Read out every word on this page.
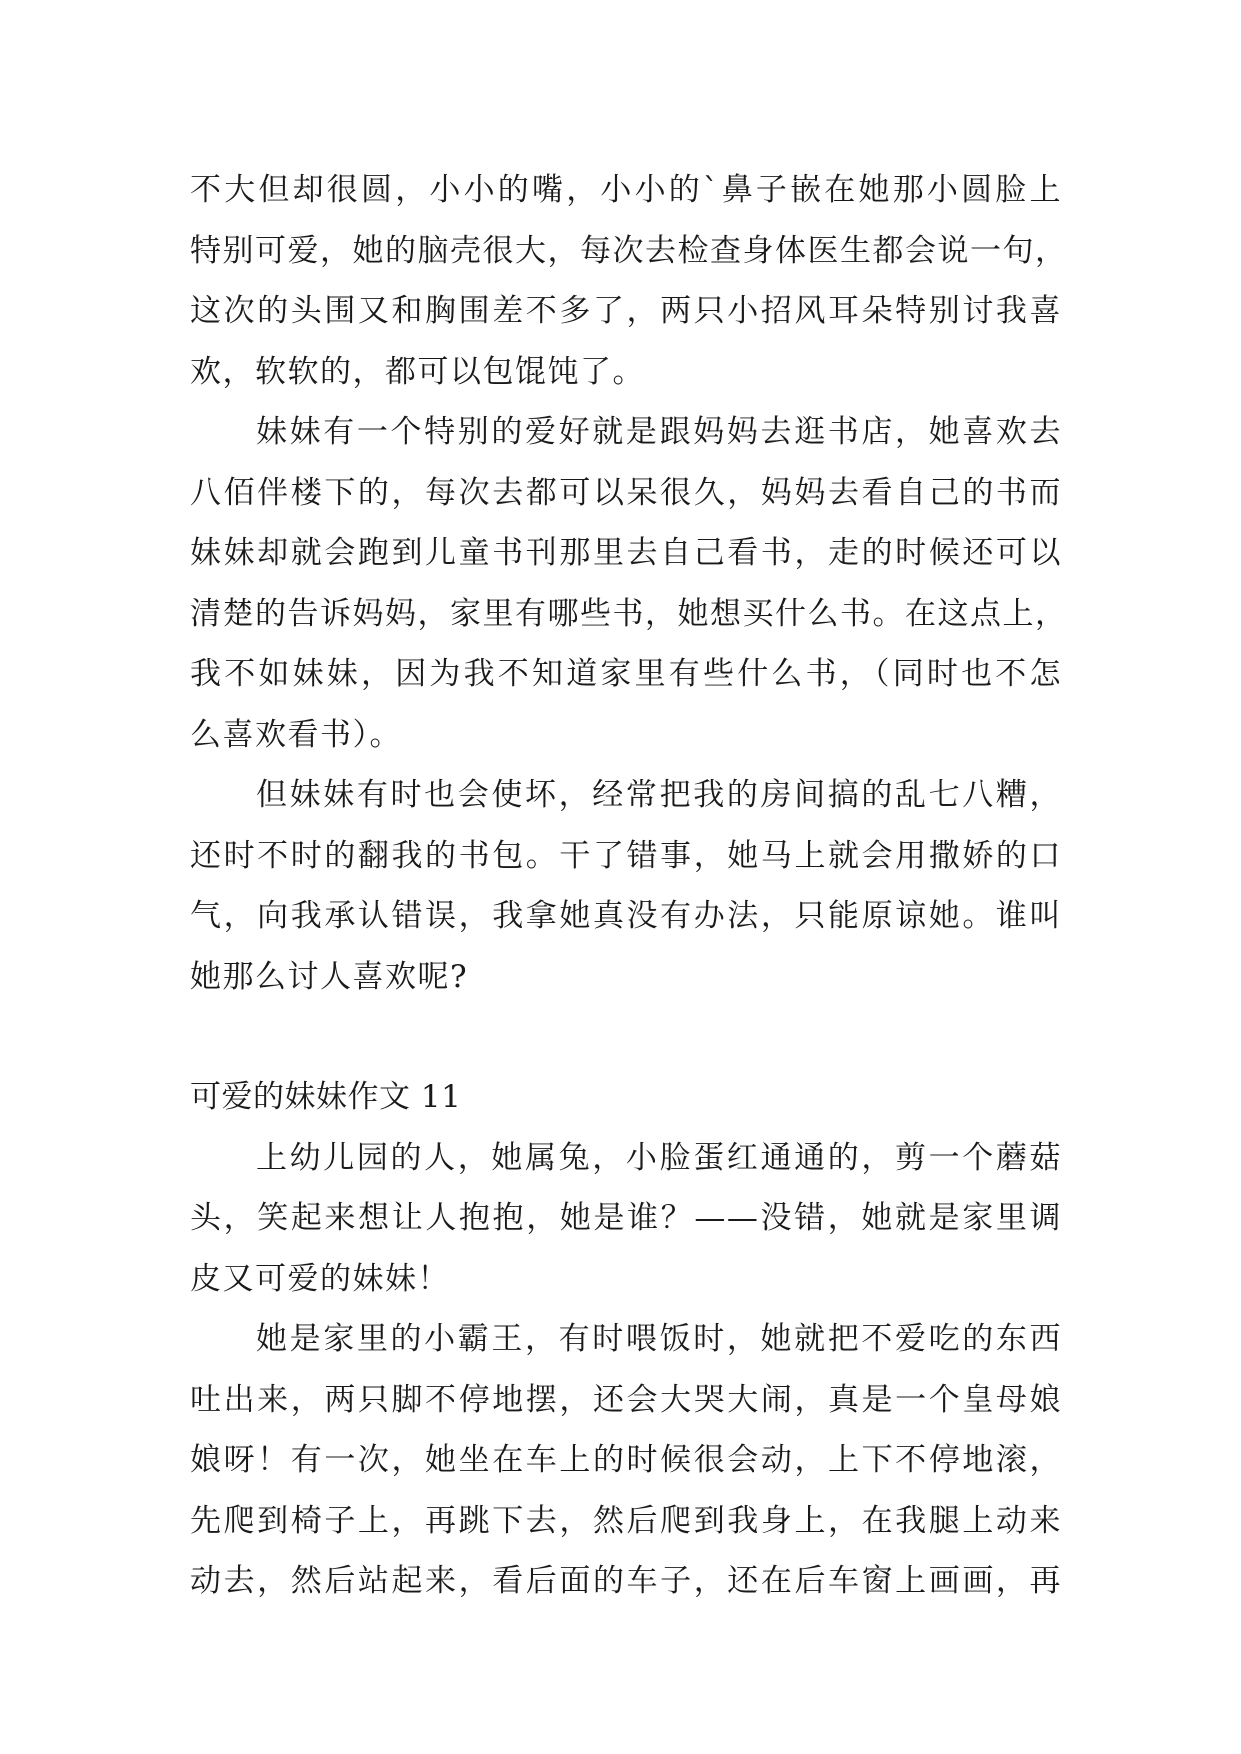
不大但却很圆，小小的嘴，小小的`鼻子嵌在她那小圆脸上
特别可爱，她的脑壳很大，每次去检查身体医生都会说一句，
这次的头围又和胸围差不多了，两只小招风耳朵特别讨我喜
欢，软软的，都可以包馄饨了。
妹妹有一个特别的爱好就是跟妈妈去逛书店，她喜欢去
八佰伴楼下的，每次去都可以呆很久，妈妈去看自己的书而
妹妹却就会跑到儿童书刊那里去自己看书，走的时候还可以
清楚的告诉妈妈，家里有哪些书，她想买什么书。在这点上，
我不如妹妹，因为我不知道家里有些什么书，（同时也不怎
么喜欢看书）。
但妹妹有时也会使坏，经常把我的房间搞的乱七八糟，
还时不时的翻我的书包。干了错事，她马上就会用撒娇的口
气，向我承认错误，我拿她真没有办法，只能原谅她。谁叫
她那么讨人喜欢呢?
可爱的妹妹作文 11
上幼儿园的人，她属兔，小脸蛋红通通的，剪一个蘑菇
头，笑起来想让人抱抱，她是谁？——没错，她就是家里调
皮又可爱的妹妹！
她是家里的小霸王，有时喂饭时，她就把不爱吃的东西
吐出来，两只脚不停地摆，还会大哭大闹，真是一个皇母娘
娘呀！有一次，她坐在车上的时候很会动，上下不停地滚，
先爬到椅子上，再跳下去，然后爬到我身上，在我腿上动来
动去，然后站起来，看后面的车子，还在后车窗上画画，再
